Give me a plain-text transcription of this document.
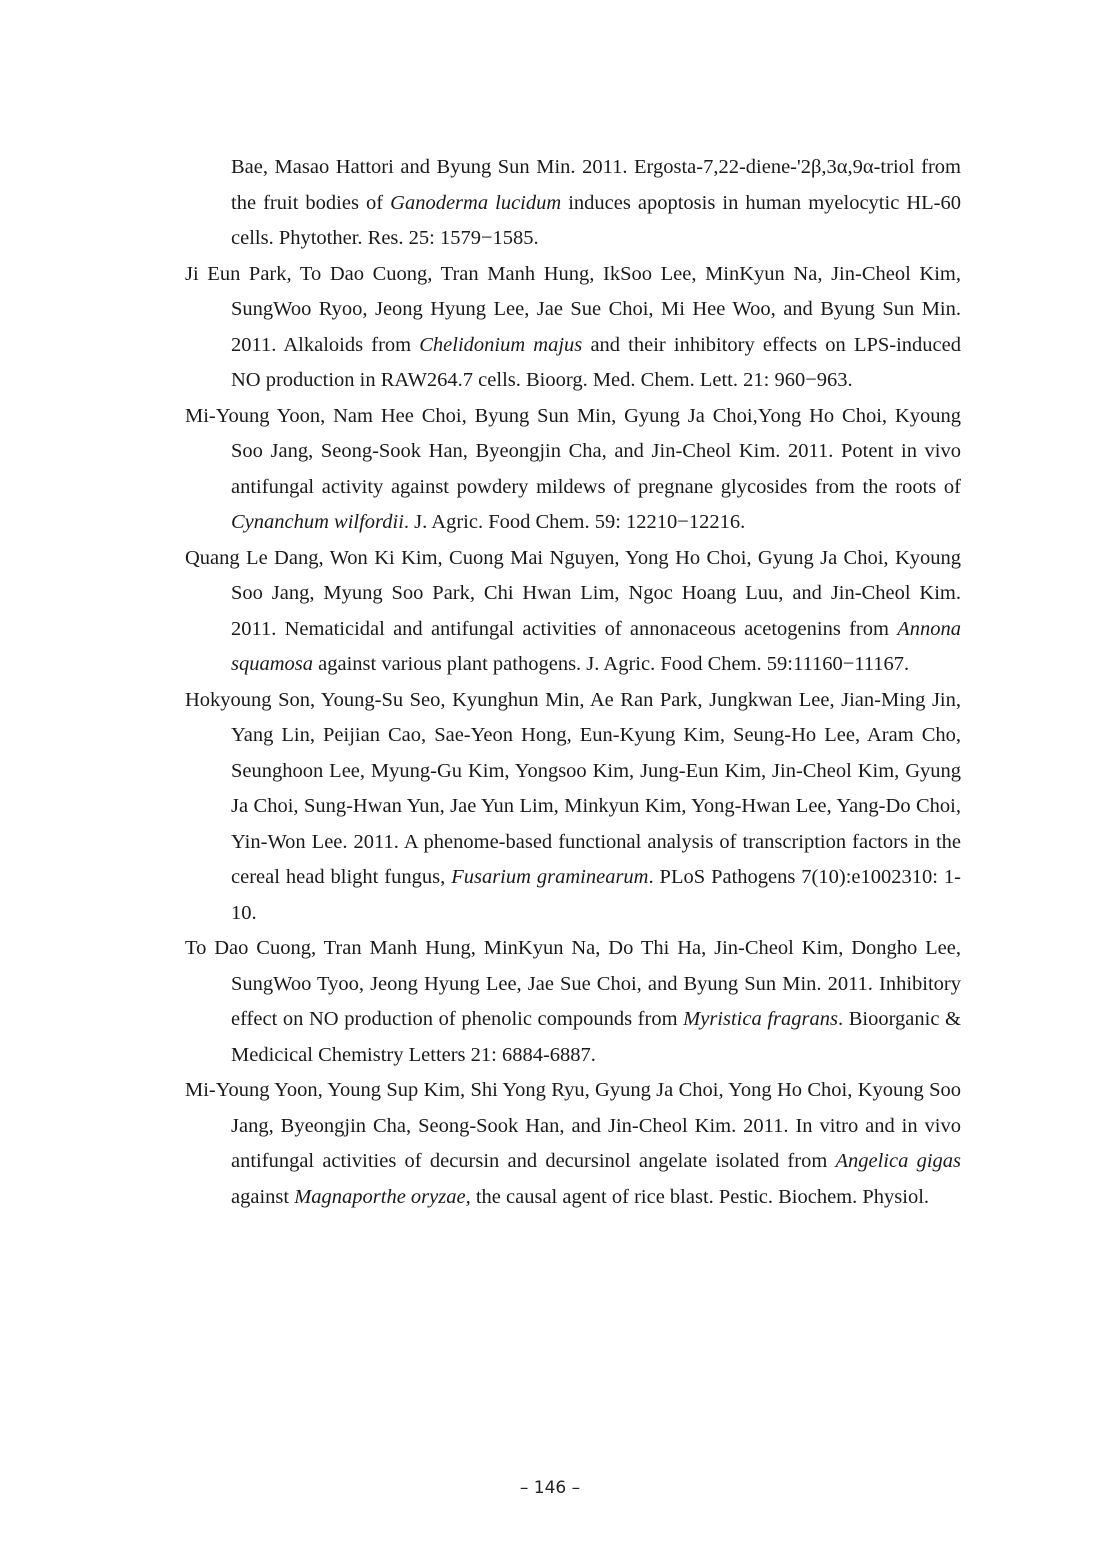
Bae, Masao Hattori and Byung Sun Min. 2011. Ergosta-7,22-diene-'2β,3α,9α-triol from the fruit bodies of Ganoderma lucidum induces apoptosis in human myelocytic HL-60 cells. Phytother. Res. 25: 1579−1585.

Ji Eun Park, To Dao Cuong, Tran Manh Hung, IkSoo Lee, MinKyun Na, Jin-Cheol Kim, SungWoo Ryoo, Jeong Hyung Lee, Jae Sue Choi, Mi Hee Woo, and Byung Sun Min. 2011. Alkaloids from Chelidonium majus and their inhibitory effects on LPS-induced NO production in RAW264.7 cells. Bioorg. Med. Chem. Lett. 21: 960−963.

Mi-Young Yoon, Nam Hee Choi, Byung Sun Min, Gyung Ja Choi,Yong Ho Choi, Kyoung Soo Jang, Seong-Sook Han, Byeongjin Cha, and Jin-Cheol Kim. 2011. Potent in vivo antifungal activity against powdery mildews of pregnane glycosides from the roots of Cynanchum wilfordii. J. Agric. Food Chem. 59: 12210−12216.

Quang Le Dang, Won Ki Kim, Cuong Mai Nguyen, Yong Ho Choi, Gyung Ja Choi, Kyoung Soo Jang, Myung Soo Park, Chi Hwan Lim, Ngoc Hoang Luu, and Jin-Cheol Kim. 2011. Nematicidal and antifungal activities of annonaceous acetogenins from Annona squamosa against various plant pathogens. J. Agric. Food Chem. 59:11160−11167.

Hokyoung Son, Young-Su Seo, Kyunghun Min, Ae Ran Park, Jungkwan Lee, Jian-Ming Jin, Yang Lin, Peijian Cao, Sae-Yeon Hong, Eun-Kyung Kim, Seung-Ho Lee, Aram Cho, Seunghoon Lee, Myung-Gu Kim, Yongsoo Kim, Jung-Eun Kim, Jin-Cheol Kim, Gyung Ja Choi, Sung-Hwan Yun, Jae Yun Lim, Minkyun Kim, Yong-Hwan Lee, Yang-Do Choi, Yin-Won Lee. 2011. A phenome-based functional analysis of transcription factors in the cereal head blight fungus, Fusarium graminearum. PLoS Pathogens 7(10):e1002310: 1-10.

To Dao Cuong, Tran Manh Hung, MinKyun Na, Do Thi Ha, Jin-Cheol Kim, Dongho Lee, SungWoo Tyoo, Jeong Hyung Lee, Jae Sue Choi, and Byung Sun Min. 2011. Inhibitory effect on NO production of phenolic compounds from Myristica fragrans. Bioorganic & Medicical Chemistry Letters 21: 6884-6887.

Mi-Young Yoon, Young Sup Kim, Shi Yong Ryu, Gyung Ja Choi, Yong Ho Choi, Kyoung Soo Jang, Byeongjin Cha, Seong-Sook Han, and Jin-Cheol Kim. 2011. In vitro and in vivo antifungal activities of decursin and decursinol angelate isolated from Angelica gigas against Magnaporthe oryzae, the causal agent of rice blast. Pestic. Biochem. Physiol.

– 146 –
